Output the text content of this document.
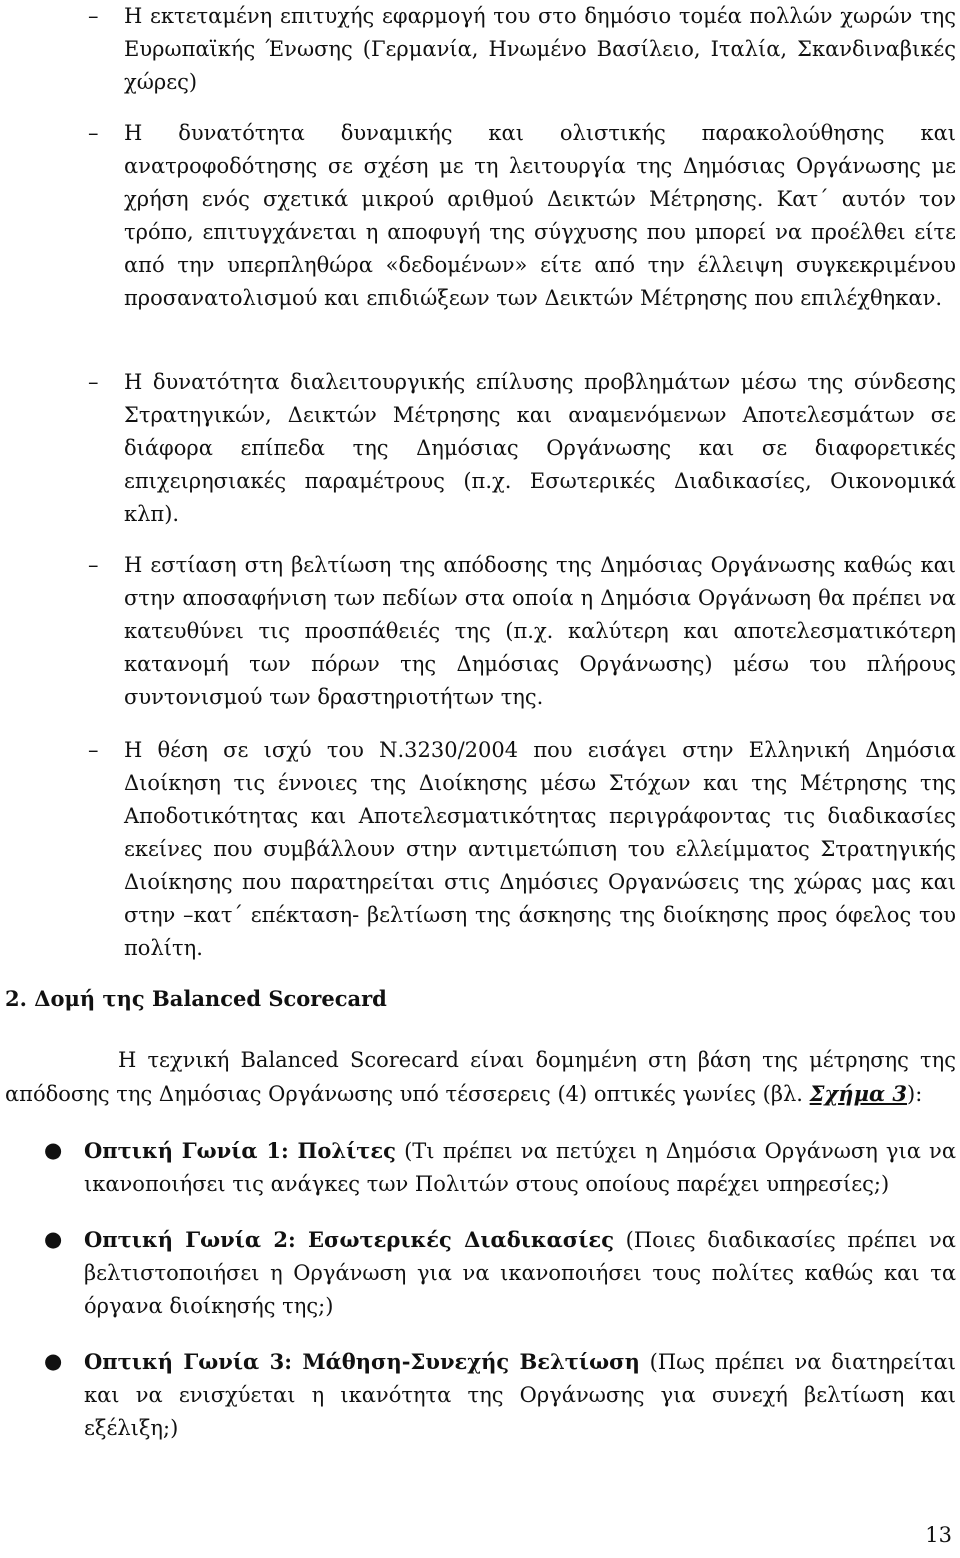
–	Η εκτεταμένη επιτυχής εφαρμογή του στο δημόσιο τομέα πολλών χωρών της Ευρωπαϊκής Ένωσης (Γερμανία, Ηνωμένο Βασίλειο, Ιταλία, Σκανδιναβικές χώρες)
–	Η δυνατότητα δυναμικής και ολιστικής παρακολούθησης και ανατροφοδότησης σε σχέση με τη λειτουργία της Δημόσιας Οργάνωσης με χρήση ενός σχετικά μικρού αριθμού Δεικτών Μέτρησης. Κατ΄ αυτόν τον τρόπο, επιτυγχάνεται η αποφυγή της σύγχυσης που μπορεί να προέλθει είτε από την υπερπληθώρα «δεδομένων» είτε από την έλλειψη συγκεκριμένου προσανατολισμού και επιδιώξεων των Δεικτών Μέτρησης που επιλέχθηκαν.
–	Η δυνατότητα διαλειτουργικής επίλυσης προβλημάτων μέσω της σύνδεσης Στρατηγικών, Δεικτών Μέτρησης και αναμενόμενων Αποτελεσμάτων σε διάφορα επίπεδα της Δημόσιας Οργάνωσης και σε διαφορετικές επιχειρησιακές παραμέτρους (π.χ. Εσωτερικές Διαδικασίες, Οικονομικά κλπ).
–	Η εστίαση στη βελτίωση της απόδοσης της Δημόσιας Οργάνωσης καθώς και στην αποσαφήνιση των πεδίων στα οποία η Δημόσια Οργάνωση θα πρέπει να κατευθύνει τις προσπάθειές της (π.χ. καλύτερη και αποτελεσματικότερη κατανομή των πόρων της Δημόσιας Οργάνωσης) μέσω του πλήρους συντονισμού των δραστηριοτήτων της.
–	Η θέση σε ισχύ του Ν.3230/2004 που εισάγει στην Ελληνική Δημόσια Διοίκηση τις έννοιες της Διοίκησης μέσω Στόχων και της Μέτρησης της Αποδοτικότητας και Αποτελεσματικότητας περιγράφοντας τις διαδικασίες εκείνες που συμβάλλουν στην αντιμετώπιση του ελλείμματος Στρατηγικής Διοίκησης που παρατηρείται στις Δημόσιες Οργανώσεις της χώρας μας και στην –κατ΄ επέκταση- βελτίωση της άσκησης της διοίκησης προς όφελος του πολίτη.
2. Δομή της Balanced Scorecard
Η τεχνική Balanced Scorecard είναι δομημένη στη βάση της μέτρησης της απόδοσης της Δημόσιας Οργάνωσης υπό τέσσερεις (4) οπτικές γωνίες (βλ. Σχήμα 3):
● Οπτική Γωνία 1: Πολίτες (Τι πρέπει να πετύχει η Δημόσια Οργάνωση για να ικανοποιήσει τις ανάγκες των Πολιτών στους οποίους παρέχει υπηρεσίες;)
● Οπτική Γωνία 2: Εσωτερικές Διαδικασίες (Ποιες διαδικασίες πρέπει να βελτιστοποιήσει η Οργάνωση για να ικανοποιήσει τους πολίτες καθώς και τα όργανα διοίκησής της;)
● Οπτική Γωνία 3: Μάθηση-Συνεχής Βελτίωση (Πως πρέπει να διατηρείται και να ενισχύεται η ικανότητα της Οργάνωσης για συνεχή βελτίωση και εξέλιξη;)
13
